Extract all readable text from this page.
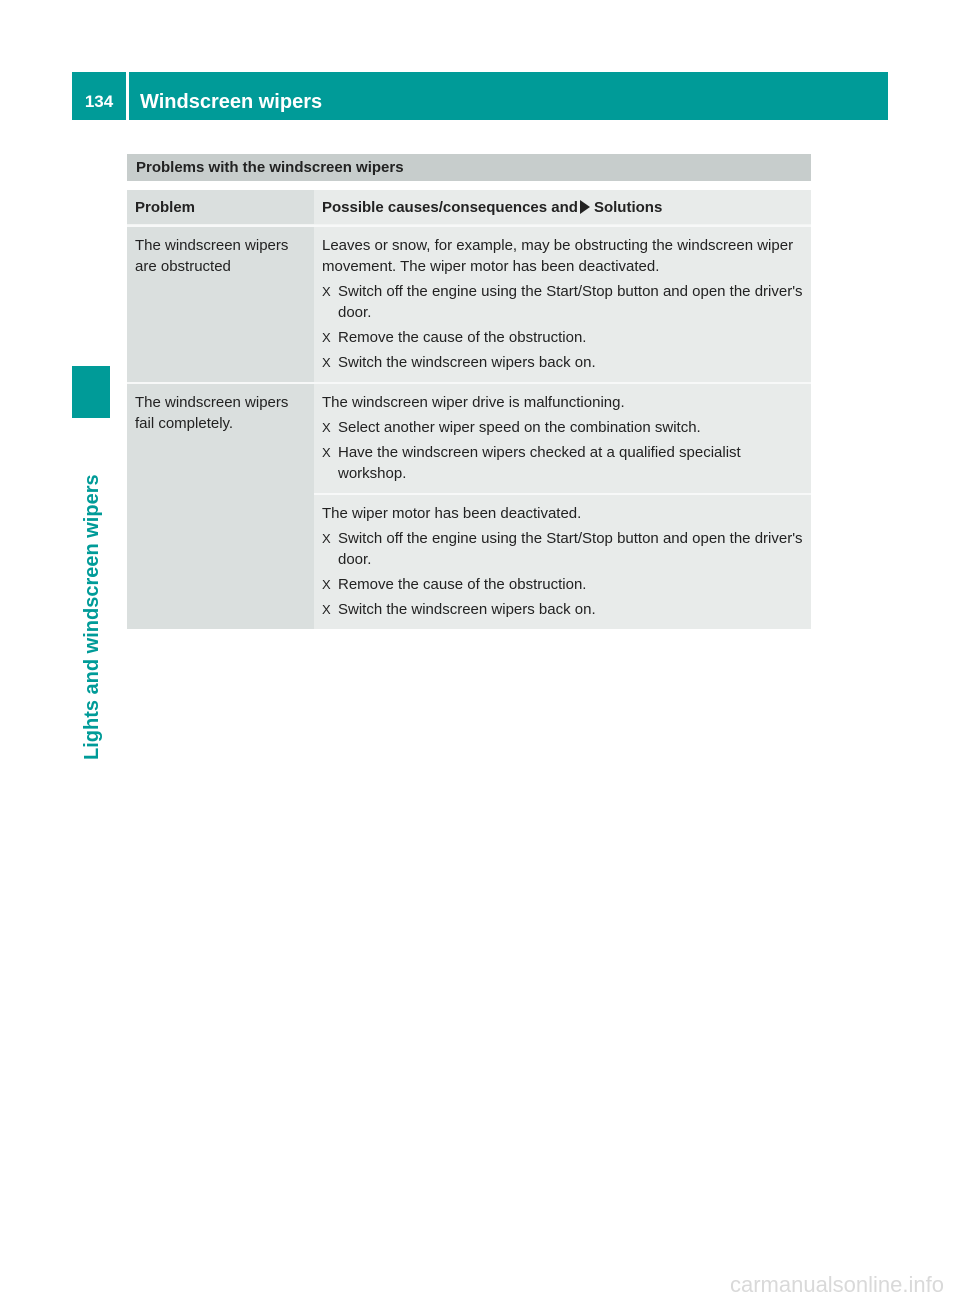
134	Windscreen wipers
Lights and windscreen wipers
Problems with the windscreen wipers
Problem	Possible causes/consequences and Solutions
The windscreen wipers are obstructed

Leaves or snow, for example, may be obstructing the windscreen wiper movement. The wiper motor has been deactivated.

X Switch off the engine using the Start/Stop button and open the driver's door.
X Remove the cause of the obstruction.
X Switch the windscreen wipers back on.
The windscreen wipers fail completely.

The windscreen wiper drive is malfunctioning.

X Select another wiper speed on the combination switch.
X Have the windscreen wipers checked at a qualified specialist workshop.

The wiper motor has been deactivated.

X Switch off the engine using the Start/Stop button and open the driver's door.
X Remove the cause of the obstruction.
X Switch the windscreen wipers back on.
carmanualsonline.info
